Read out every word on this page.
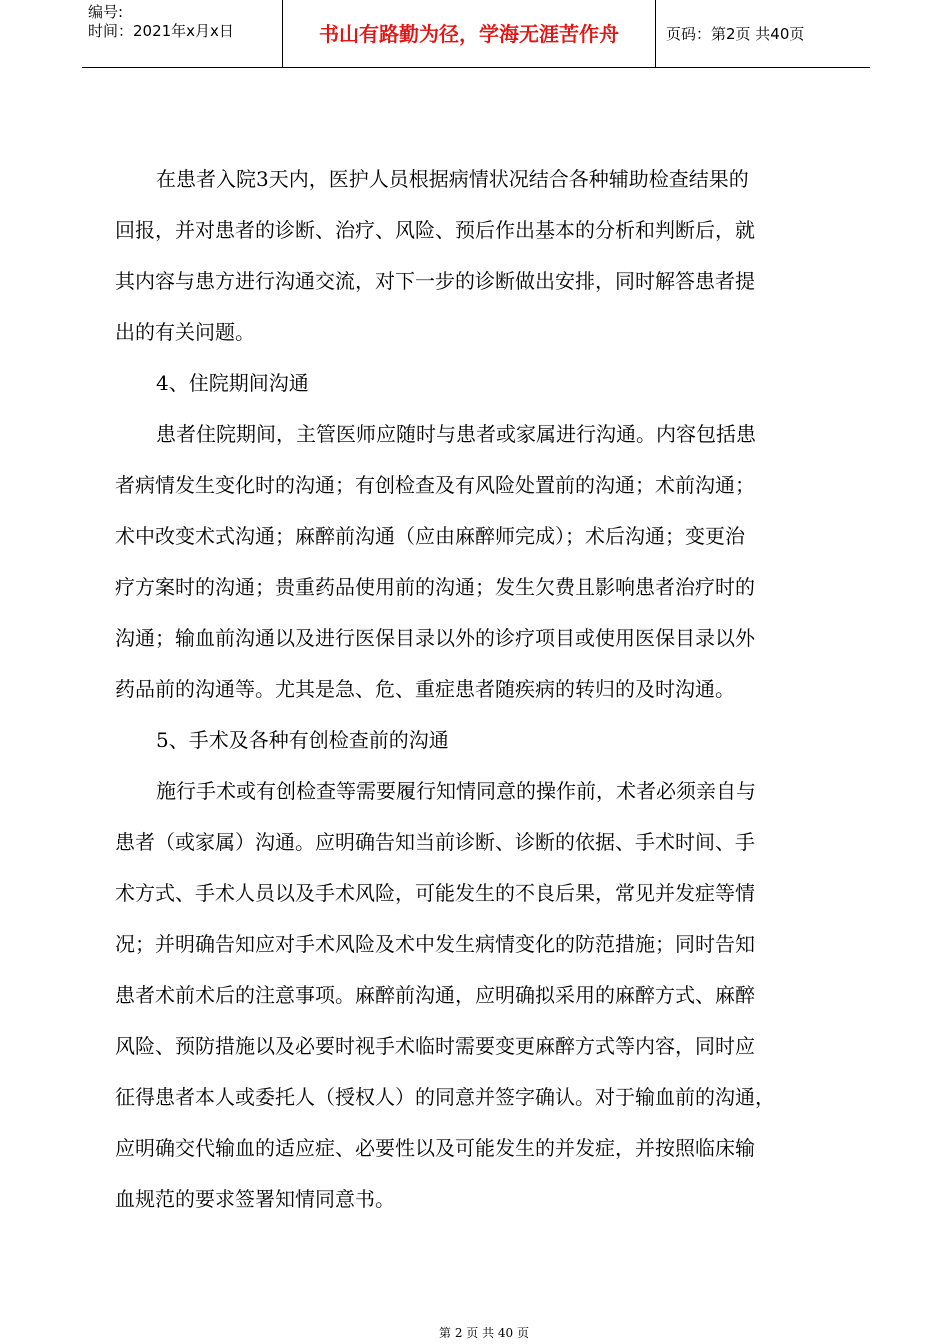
编号:
时间：2021年x月x日	书山有路勤为径，学海无涯苦作舟	页码：第2页 共40页
在患者入院3天内，医护人员根据病情状况结合各种辅助检查结果的
回报，并对患者的诊断、治疗、风险、预后作出基本的分析和判断后，就
其内容与患方进行沟通交流，对下一步的诊断做出安排，同时解答患者提
出的有关问题。
4、住院期间沟通
患者住院期间，主管医师应随时与患者或家属进行沟通。内容包括患
者病情发生变化时的沟通；有创检查及有风险处置前的沟通；术前沟通；
术中改变术式沟通；麻醉前沟通（应由麻醉师完成）；术后沟通；变更治
疗方案时的沟通；贵重药品使用前的沟通；发生欠费且影响患者治疗时的
沟通；输血前沟通以及进行医保目录以外的诊疗项目或使用医保目录以外
药品前的沟通等。尤其是急、危、重症患者随疾病的转归的及时沟通。
5、手术及各种有创检查前的沟通
施行手术或有创检查等需要履行知情同意的操作前，术者必须亲自与
患者（或家属）沟通。应明确告知当前诊断、诊断的依据、手术时间、手
术方式、手术人员以及手术风险，可能发生的不良后果，常见并发症等情
况；并明确告知应对手术风险及术中发生病情变化的防范措施；同时告知
患者术前术后的注意事项。麻醉前沟通，应明确拟采用的麻醉方式、麻醉
风险、预防措施以及必要时视手术临时需要变更麻醉方式等内容，同时应
征得患者本人或委托人（授权人）的同意并签字确认。对于输血前的沟通，
应明确交代输血的适应症、必要性以及可能发生的并发症，并按照临床输
血规范的要求签署知情同意书。
第 2 页 共 40 页
